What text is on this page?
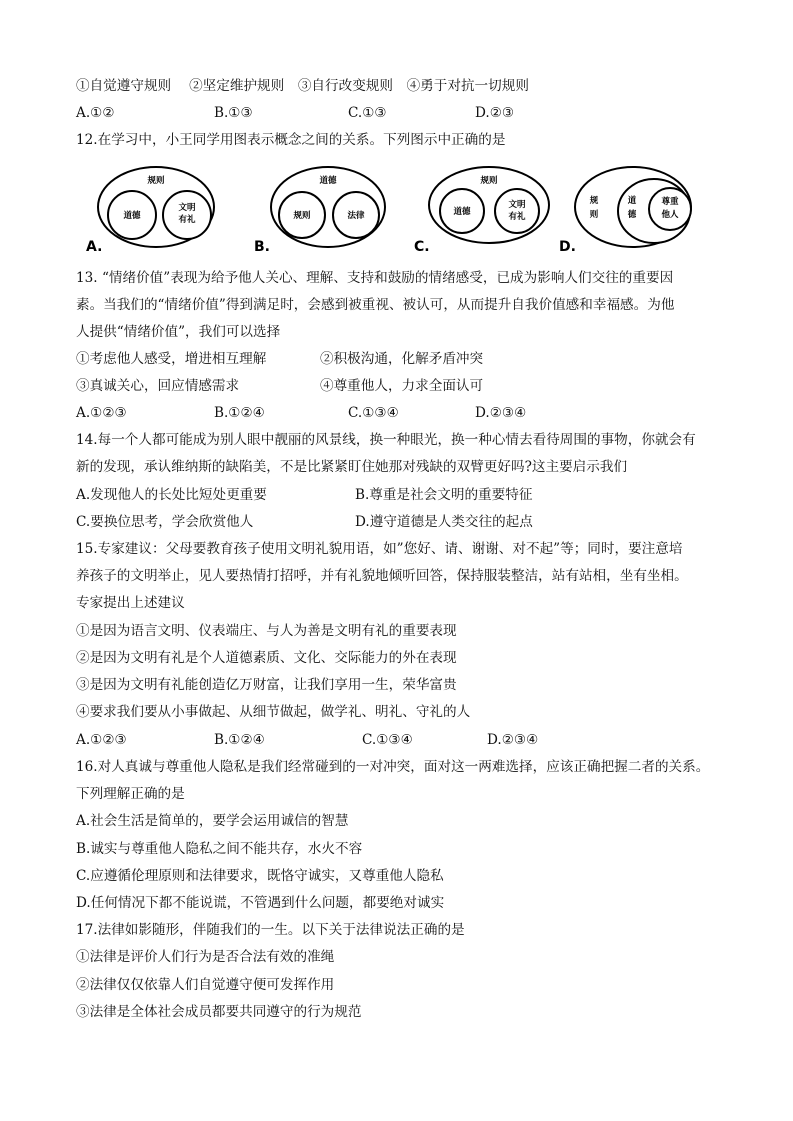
①自觉遵守规则　 ②坚定维护规则　③自行改变规则　④勇于对抗一切规则
A.①②	B.①③	C.①③	D.②③
12.在学习中，小王同学用图表示概念之间的关系。下列图示中正确的是
规则
道德
文明
有礼
A.
道德
规则	法律
B.
规则
道德
文明
有礼
C.
规
则
道
德
尊重
他人
D.
13. “情绪价值”表现为给予他人关心、理解、支持和鼓励的情绪感受，已成为影响人们交往的重要因
素。当我们的“情绪价值”得到满足时，会感到被重视、被认可，从而提升自我价值感和幸福感。为他
人提供“情绪价值”，我们可以选择
①考虑他人感受，增进相互理解	②积极沟通，化解矛盾冲突
③真诚关心，回应情感需求	④尊重他人，力求全面认可
A.①②③	B.①②④	C.①③④	D.②③④
14.每一个人都可能成为别人眼中靓丽的风景线，换一种眼光，换一种心情去看待周围的事物，你就会有
新的发现，承认维纳斯的缺陷美，不是比紧紧盯住她那对残缺的双臂更好吗?这主要启示我们
A.发现他人的长处比短处更重要	B.尊重是社会文明的重要特征
C.要换位思考，学会欣赏他人	D.遵守道德是人类交往的起点
15.专家建议：父母要教育孩子使用文明礼貌用语，如”您好、请、谢谢、对不起”等；同时，要注意培
养孩子的文明举止，见人要热情打招呼，并有礼貌地倾听回答，保持服装整洁，站有站相，坐有坐相。
专家提出上述建议
①是因为语言文明、仪表端庄、与人为善是文明有礼的重要表现
②是因为文明有礼是个人道德素质、文化、交际能力的外在表现
③是因为文明有礼能创造亿万财富，让我们享用一生，荣华富贵
④要求我们要从小事做起、从细节做起，做学礼、明礼、守礼的人
A.①②③	B.①②④	C.①③④	D.②③④
16.对人真诚与尊重他人隐私是我们经常碰到的一对冲突，面对这一两难选择，应该正确把握二者的关系。
下列理解正确的是
A.社会生活是简单的，要学会运用诚信的智慧
B.诚实与尊重他人隐私之间不能共存，水火不容
C.应遵循伦理原则和法律要求，既恪守诚实，又尊重他人隐私
D.任何情况下都不能说谎，不管遇到什么问题，都要绝对诚实
17.法律如影随形，伴随我们的一生。以下关于法律说法正确的是
①法律是评价人们行为是否合法有效的准绳
②法律仅仅依靠人们自觉遵守便可发挥作用
③法律是全体社会成员都要共同遵守的行为规范
